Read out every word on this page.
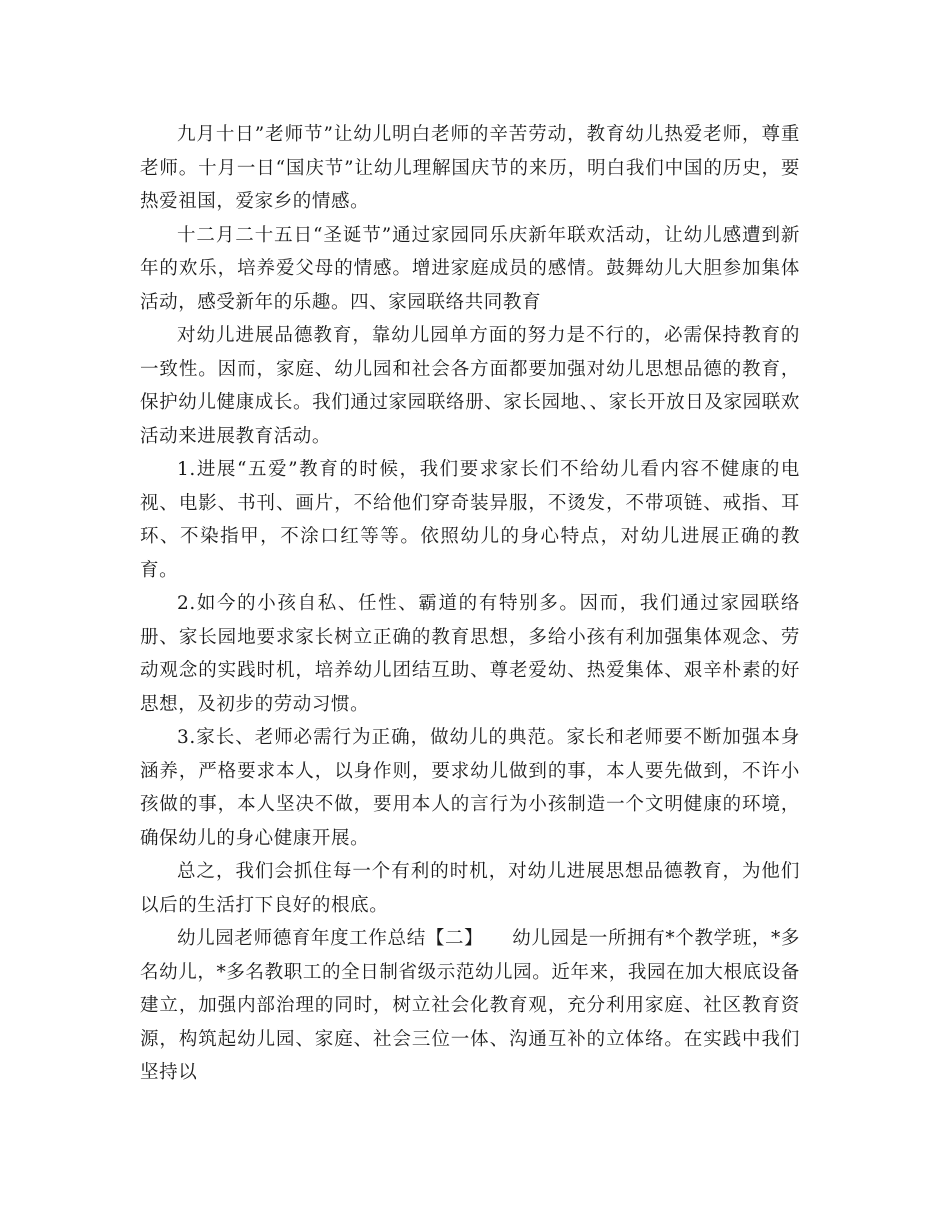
九月十日”老师节”让幼儿明白老师的辛苦劳动，教育幼儿热爱老师，尊重老师。十月一日“国庆节”让幼儿理解国庆节的来历，明白我们中国的历史，要热爱祖国，爱家乡的情感。

十二月二十五日“圣诞节”通过家园同乐庆新年联欢活动，让幼儿感遭到新年的欢乐，培养爱父母的情感。增进家庭成员的感情。鼓舞幼儿大胆参加集体活动，感受新年的乐趣。四、家园联络共同教育

对幼儿进展品德教育，靠幼儿园单方面的努力是不行的，必需保持教育的一致性。因而，家庭、幼儿园和社会各方面都要加强对幼儿思想品德的教育，保护幼儿健康成长。我们通过家园联络册、家长园地、、家长开放日及家园联欢活动来进展教育活动。

1.进展“五爱”教育的时候，我们要求家长们不给幼儿看内容不健康的电视、电影、书刊、画片，不给他们穿奇装异服，不烫发，不带项链、戒指、耳环、不染指甲，不涂口红等等。依照幼儿的身心特点，对幼儿进展正确的教育。

2.如今的小孩自私、任性、霸道的有特别多。因而，我们通过家园联络册、家长园地要求家长树立正确的教育思想，多给小孩有利加强集体观念、劳动观念的实践时机，培养幼儿团结互助、尊老爱幼、热爱集体、艰辛朴素的好思想，及初步的劳动习惯。

3.家长、老师必需行为正确，做幼儿的典范。家长和老师要不断加强本身涵养，严格要求本人，以身作则，要求幼儿做到的事，本人要先做到，不许小孩做的事，本人坚决不做，要用本人的言行为小孩制造一个文明健康的环境，确保幼儿的身心健康开展。

总之，我们会抓住每一个有利的时机，对幼儿进展思想品德教育，为他们以后的生活打下良好的根底。

幼儿园老师德育年度工作总结【二】　　幼儿园是一所拥有*个教学班，*多名幼儿，*多名教职工的全日制省级示范幼儿园。近年来，我园在加大根底设备建立，加强内部治理的同时，树立社会化教育观，充分利用家庭、社区教育资源，构筑起幼儿园、家庭、社会三位一体、沟通互补的立体络。在实践中我们坚持以
